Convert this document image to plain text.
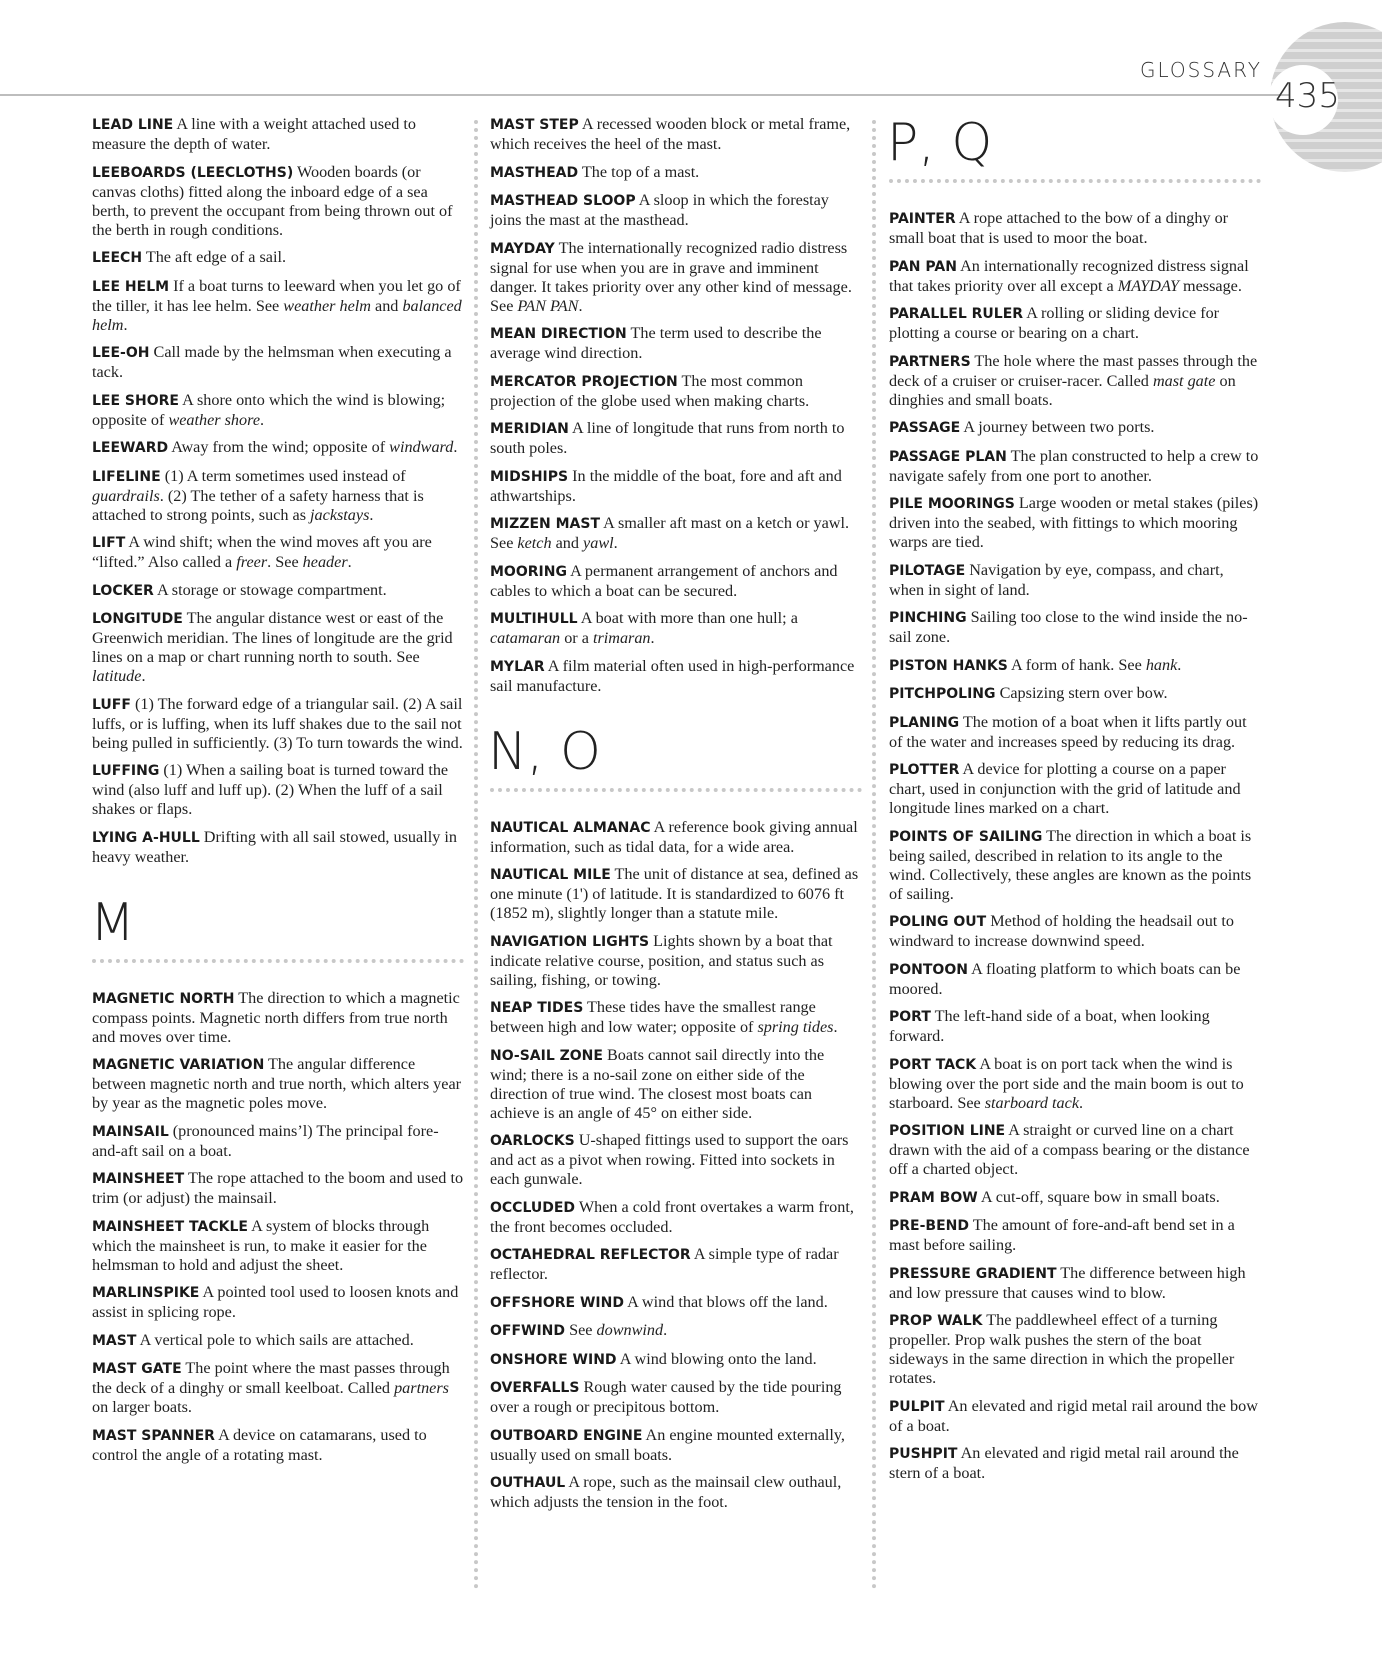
GLOSSARY
435
LEAD LINE A line with a weight attached used to measure the depth of water.
LEEBOARDS (LEECLOTHS) Wooden boards (or canvas cloths) fitted along the inboard edge of a sea berth, to prevent the occupant from being thrown out of the berth in rough conditions.
LEECH The aft edge of a sail.
LEE HELM If a boat turns to leeward when you let go of the tiller, it has lee helm. See weather helm and balanced helm.
LEE-OH Call made by the helmsman when executing a tack.
LEE SHORE A shore onto which the wind is blowing; opposite of weather shore.
LEEWARD Away from the wind; opposite of windward.
LIFELINE (1) A term sometimes used instead of guardrails. (2) The tether of a safety harness that is attached to strong points, such as jackstays.
LIFT A wind shift; when the wind moves aft you are “lifted.” Also called a freer. See header.
LOCKER A storage or stowage compartment.
LONGITUDE The angular distance west or east of the Greenwich meridian. The lines of longitude are the grid lines on a map or chart running north to south. See latitude.
LUFF (1) The forward edge of a triangular sail. (2) A sail luffs, or is luffing, when its luff shakes due to the sail not being pulled in sufficiently. (3) To turn towards the wind.
LUFFING (1) When a sailing boat is turned toward the wind (also luff and luff up). (2) When the luff of a sail shakes or flaps.
LYING A-HULL Drifting with all sail stowed, usually in heavy weather.
M
MAGNETIC NORTH The direction to which a magnetic compass points. Magnetic north differs from true north and moves over time.
MAGNETIC VARIATION The angular difference between magnetic north and true north, which alters year by year as the magnetic poles move.
MAINSAIL (pronounced mains’l) The principal fore-and-aft sail on a boat.
MAINSHEET The rope attached to the boom and used to trim (or adjust) the mainsail.
MAINSHEET TACKLE A system of blocks through which the mainsheet is run, to make it easier for the helmsman to hold and adjust the sheet.
MARLINSPIKE A pointed tool used to loosen knots and assist in splicing rope.
MAST A vertical pole to which sails are attached.
MAST GATE The point where the mast passes through the deck of a dinghy or small keelboat. Called partners on larger boats.
MAST SPANNER A device on catamarans, used to control the angle of a rotating mast.
MAST STEP A recessed wooden block or metal frame, which receives the heel of the mast.
MASTHEAD The top of a mast.
MASTHEAD SLOOP A sloop in which the forestay joins the mast at the masthead.
MAYDAY The internationally recognized radio distress signal for use when you are in grave and imminent danger. It takes priority over any other kind of message. See PAN PAN.
MEAN DIRECTION The term used to describe the average wind direction.
MERCATOR PROJECTION The most common projection of the globe used when making charts.
MERIDIAN A line of longitude that runs from north to south poles.
MIDSHIPS In the middle of the boat, fore and aft and athwartships.
MIZZEN MAST A smaller aft mast on a ketch or yawl. See ketch and yawl.
MOORING A permanent arrangement of anchors and cables to which a boat can be secured.
MULTIHULL A boat with more than one hull; a catamaran or a trimaran.
MYLAR A film material often used in high-performance sail manufacture.
N, O
NAUTICAL ALMANAC A reference book giving annual information, such as tidal data, for a wide area.
NAUTICAL MILE The unit of distance at sea, defined as one minute (1') of latitude. It is standardized to 6076 ft (1852 m), slightly longer than a statute mile.
NAVIGATION LIGHTS Lights shown by a boat that indicate relative course, position, and status such as sailing, fishing, or towing.
NEAP TIDES These tides have the smallest range between high and low water; opposite of spring tides.
NO-SAIL ZONE Boats cannot sail directly into the wind; there is a no-sail zone on either side of the direction of true wind. The closest most boats can achieve is an angle of 45° on either side.
OARLOCKS U-shaped fittings used to support the oars and act as a pivot when rowing. Fitted into sockets in each gunwale.
OCCLUDED When a cold front overtakes a warm front, the front becomes occluded.
OCTAHEDRAL REFLECTOR A simple type of radar reflector.
OFFSHORE WIND A wind that blows off the land.
OFFWIND See downwind.
ONSHORE WIND A wind blowing onto the land.
OVERFALLS Rough water caused by the tide pouring over a rough or precipitous bottom.
OUTBOARD ENGINE An engine mounted externally, usually used on small boats.
OUTHAUL A rope, such as the mainsail clew outhaul, which adjusts the tension in the foot.
P, Q
PAINTER A rope attached to the bow of a dinghy or small boat that is used to moor the boat.
PAN PAN An internationally recognized distress signal that takes priority over all except a MAYDAY message.
PARALLEL RULER A rolling or sliding device for plotting a course or bearing on a chart.
PARTNERS The hole where the mast passes through the deck of a cruiser or cruiser-racer. Called mast gate on dinghies and small boats.
PASSAGE A journey between two ports.
PASSAGE PLAN The plan constructed to help a crew to navigate safely from one port to another.
PILE MOORINGS Large wooden or metal stakes (piles) driven into the seabed, with fittings to which mooring warps are tied.
PILOTAGE Navigation by eye, compass, and chart, when in sight of land.
PINCHING Sailing too close to the wind inside the no-sail zone.
PISTON HANKS A form of hank. See hank.
PITCHPOLING Capsizing stern over bow.
PLANING The motion of a boat when it lifts partly out of the water and increases speed by reducing its drag.
PLOTTER A device for plotting a course on a paper chart, used in conjunction with the grid of latitude and longitude lines marked on a chart.
POINTS OF SAILING The direction in which a boat is being sailed, described in relation to its angle to the wind. Collectively, these angles are known as the points of sailing.
POLING OUT Method of holding the headsail out to windward to increase downwind speed.
PONTOON A floating platform to which boats can be moored.
PORT The left-hand side of a boat, when looking forward.
PORT TACK A boat is on port tack when the wind is blowing over the port side and the main boom is out to starboard. See starboard tack.
POSITION LINE A straight or curved line on a chart drawn with the aid of a compass bearing or the distance off a charted object.
PRAM BOW A cut-off, square bow in small boats.
PRE-BEND The amount of fore-and-aft bend set in a mast before sailing.
PRESSURE GRADIENT The difference between high and low pressure that causes wind to blow.
PROP WALK The paddlewheel effect of a turning propeller. Prop walk pushes the stern of the boat sideways in the same direction in which the propeller rotates.
PULPIT An elevated and rigid metal rail around the bow of a boat.
PUSHPIT An elevated and rigid metal rail around the stern of a boat.
